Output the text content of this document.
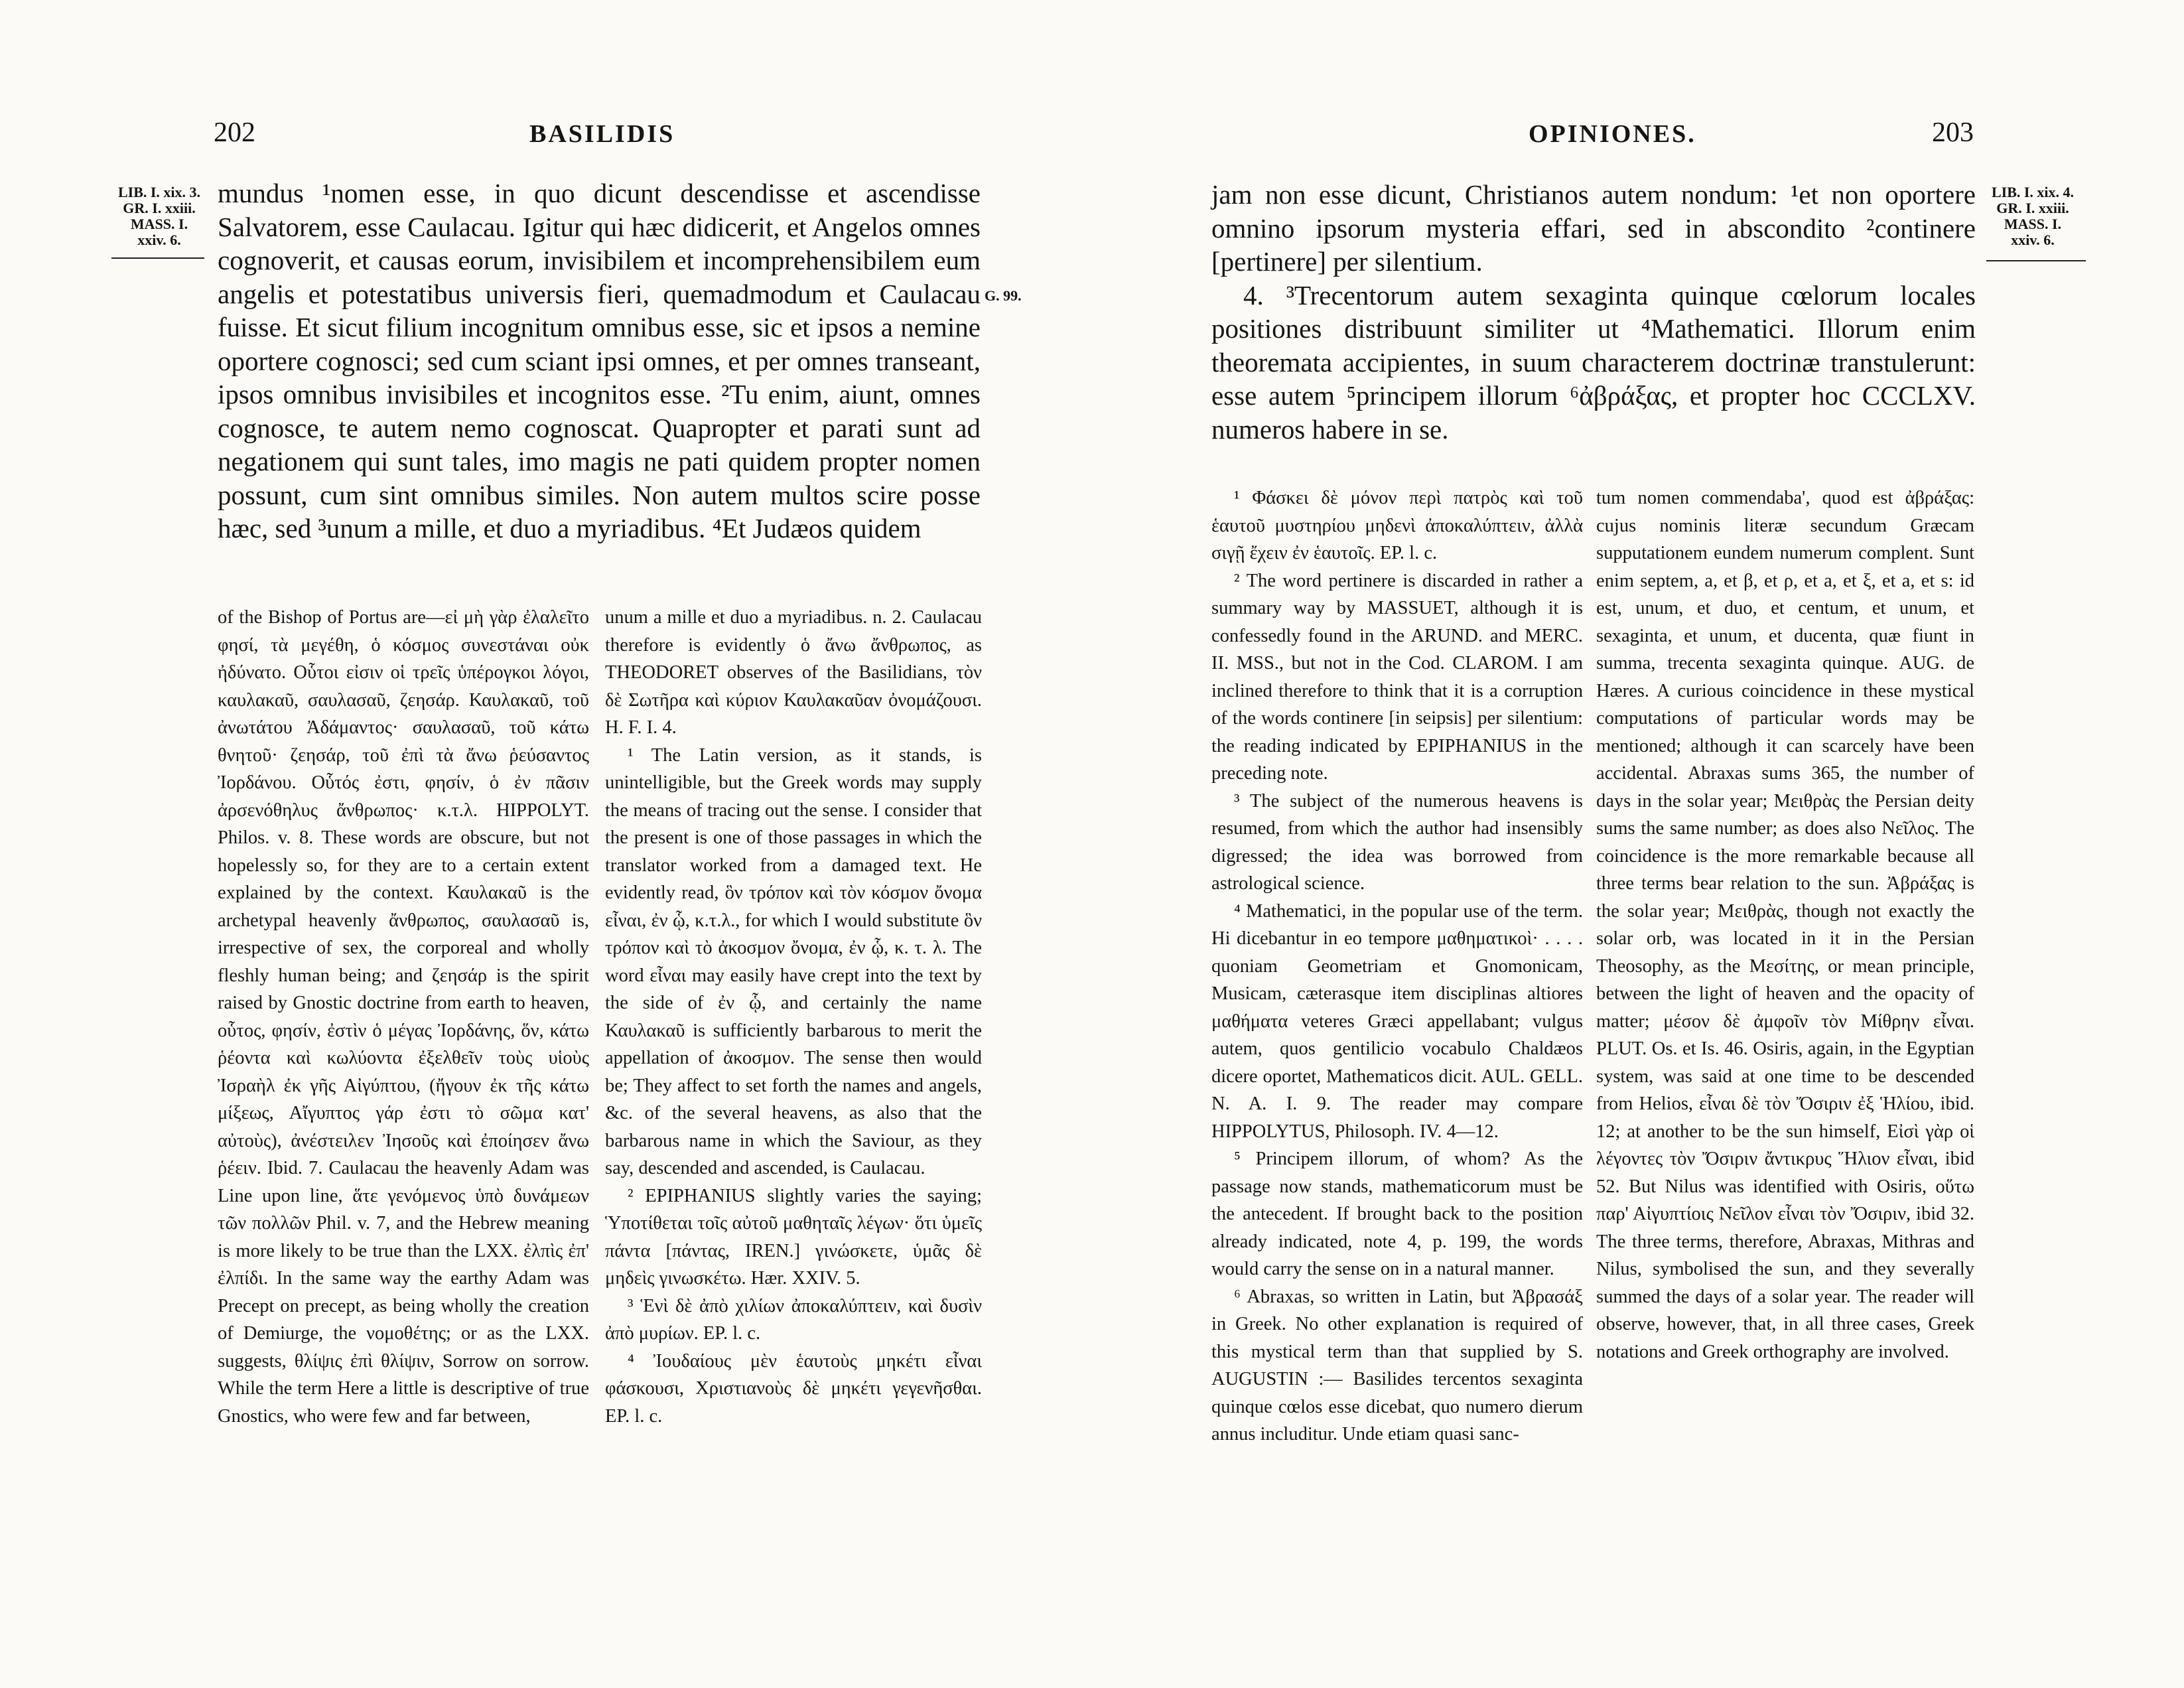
202	BASILIDIS
LIB. I. xix. 3.
GR. I. xxiii.
MASS. I.
xxiv. 6.

mundus ¹nomen esse, in quo dicunt descendisse et ascendisse Salvatorem, esse Caulacau. Igitur qui hæc didicerit, et Angelos omnes cognoverit, et causas eorum, invisibilem et incomprehensibilem eum angelis et potestatibus universis fieri, quemadmodum et Caulacau fuisse. Et sicut filium incognitum omnibus esse, sic et ipsos a nemine oportere cognosci; sed cum sciant ipsi omnes, et per omnes transeant, ipsos omnibus invisibiles et incognitos esse. ²Tu enim, aiunt, omnes cognosce, te autem nemo cognoscat. Quapropter et parati sunt ad negationem qui sunt tales, imo magis ne pati quidem propter nomen possunt, cum sint omnibus similes. Non autem multos scire posse hæc, sed ³unum a mille, et duo a myriadibus. ⁴Et Judæos quidem

G. 99.

of the Bishop of Portus are—εἰ μὴ γὰρ ἐλαλεῖτο φησί, τὰ μεγέθη, ὁ κόσμος συνεστάναι οὐκ ἠδύνατο. Οὗτοι εἰσιν οἱ τρεῖς ὑπέρογκοι λόγοι, καυλακαῦ, σαυλασαῦ, ζεησάρ. Καυλακαῦ, τοῦ ἀνωτάτου Ἀδάμαντος· σαυλασαῦ, τοῦ κάτω θνητοῦ· ζεησάρ, τοῦ ἐπὶ τὰ ἄνω ῥεύσαντος Ἰορδάνου. Οὗτός ἐστι, φησίν, ὁ ἐν πᾶσιν ἀρσενόθηλυς ἄνθρωπος· κ.τ.λ. HIPPOLYT. Philos. v. 8. These words are obscure, but not hopelessly so, for they are to a certain extent explained by the context. Καυλακαῦ is the archetypal heavenly ἄνθρωπος, σαυλασαῦ is, irrespective of sex, the corporeal and wholly fleshly human being; and ζεησάρ is the spirit raised by Gnostic doctrine from earth to heaven, οὗτος, φησίν, ἐστὶν ὁ μέγας Ἰορδάνης, ὅν, κάτω ῥέοντα καὶ κωλύοντα ἐξελθεῖν τοὺς υἱοὺς Ἰσραὴλ ἐκ γῆς Αἰγύπτου, (ἤγουν ἐκ τῆς κάτω μίξεως, Αἴγυπτος γάρ ἐστι τὸ σῶμα κατ' αὐτοὺς), ἀνέστειλεν Ἰησοῦς καὶ ἐποίησεν ἄνω ῥέειν. Ibid. 7. Caulacau the heavenly Adam was Line upon line, ἅτε γενόμενος ὑπὸ δυνάμεων τῶν πολλῶν Phil. v. 7, and the Hebrew meaning is more likely to be true than the LXX. ἐλπὶς ἐπ' ἐλπίδι. In the same way the earthy Adam was Precept on precept, as being wholly the creation of Demiurge, the νομοθέτης; or as the LXX. suggests, θλίψις ἐπὶ θλίψιν, Sorrow on sorrow. While the term Here a little is descriptive of true Gnostics, who were few and far between,

unum a mille et duo a myriadibus. n. 2. Caulacau therefore is evidently ὁ ἄνω ἄνθρωπος, as THEODORET observes of the Basilidians, τὸν δὲ Σωτῆρα καὶ κύριον Καυλακαῦαν ὀνομάζουσι. H. F. I. 4.

¹ The Latin version, as it stands, is unintelligible, but the Greek words may supply the means of tracing out the sense. I consider that the present is one of those passages in which the translator worked from a damaged text. He evidently read, ὃν τρόπον καὶ τὸν κόσμον ὄνομα εἶναι, ἐν ᾧ, κ.τ.λ., for which I would substitute ὃν τρόπον καὶ τὸ ἀκοσμον ὄνομα, ἐν ᾧ, κ. τ. λ. The word εἶναι may easily have crept into the text by the side of ἐν ᾧ, and certainly the name Καυλακαῦ is sufficiently barbarous to merit the appellation of ἀκοσμον. The sense then would be; They affect to set forth the names and angels, &c. of the several heavens, as also that the barbarous name in which the Saviour, as they say, descended and ascended, is Caulacau.

² EPIPHANIUS slightly varies the saying; Ὑποτίθεται τοῖς αὐτοῦ μαθηταῖς λέγων· ὅτι ὑμεῖς πάντα [πάντας, IREN.] γινώσκετε, ὑμᾶς δὲ μηδεὶς γινωσκέτω. Hær. XXIV. 5.

³ Ἑνὶ δὲ ἀπὸ χιλίων ἀποκαλύπτειν, καὶ δυσὶν ἀπὸ μυρίων. EP. l. c.

⁴ Ἰουδαίους μὲν ἑαυτοὺς μηκέτι εἶναι φάσκουσι, Χριστιανοὺς δὲ μηκέτι γεγενῆσθαι. EP. l. c.

OPINIONES.	203
LIB. I. xix. 4.
GR. I. xxiii.
MASS. I.
xxiv. 6.

jam non esse dicunt, Christianos autem nondum: ¹et non oportere omnino ipsorum mysteria effari, sed in abscondito ²continere [pertinere] per silentium.

4. ³Trecentorum autem sexaginta quinque cœlorum locales positiones distribuunt similiter ut ⁴Mathematici. Illorum enim theoremata accipientes, in suum characterem doctrinæ transtulerunt: esse autem ⁵principem illorum ⁶ἀβράξας, et propter hoc CCCLXV. numeros habere in se.

¹ Φάσκει δὲ μόνον περὶ πατρὸς καὶ τοῦ ἑαυτοῦ μυστηρίου μηδενὶ ἀποκαλύπτειν, ἀλλὰ σιγῇ ἔχειν ἐν ἑαυτοῖς. EP. l. c.

² The word pertinere is discarded in rather a summary way by MASSUET, although it is confessedly found in the ARUND. and MERC. II. MSS., but not in the Cod. CLAROM. I am inclined therefore to think that it is a corruption of the words continere [in seipsis] per silentium: the reading indicated by EPIPHANIUS in the preceding note.

³ The subject of the numerous heavens is resumed, from which the author had insensibly digressed; the idea was borrowed from astrological science.

⁴ Mathematici, in the popular use of the term. Hi dicebantur in eo tempore μαθηματικοὶ· . . . . quoniam Geometriam et Gnomonicam, Musicam, cæterasque item disciplinas altiores μαθήματα veteres Græci appellabant; vulgus autem, quos gentilicio vocabulo Chaldæos dicere oportet, Mathematicos dicit. AUL. GELL. N. A. I. 9. The reader may compare HIPPOLYTUS, Philosoph. IV. 4—12.

⁵ Principem illorum, of whom? As the passage now stands, mathematicorum must be the antecedent. If brought back to the position already indicated, note 4, p. 199, the words would carry the sense on in a natural manner.

⁶ Abraxas, so written in Latin, but Ἀβρασάξ in Greek. No other explanation is required of this mystical term than that supplied by S. AUGUSTIN :— Basilides tercentos sexaginta quinque cœlos esse dicebat, quo numero dierum annus includitur. Unde etiam quasi sanc-

tum nomen commendaba', quod est ἀβράξας: cujus nominis literæ secundum Græcam supputationem eundem numerum complent. Sunt enim septem, a, et β, et ρ, et a, et ξ, et a, et s: id est, unum, et duo, et centum, et unum, et sexaginta, et unum, et ducenta, quæ fiunt in summa, trecenta sexaginta quinque. AUG. de Hæres. A curious coincidence in these mystical computations of particular words may be mentioned; although it can scarcely have been accidental. Abraxas sums 365, the number of days in the solar year; Μειθρὰς the Persian deity sums the same number; as does also Νεῖλος. The coincidence is the more remarkable because all three terms bear relation to the sun. Ἀβράξας is the solar year; Μειθρὰς, though not exactly the solar orb, was located in it in the Persian Theosophy, as the Μεσίτης, or mean principle, between the light of heaven and the opacity of matter; μέσον δὲ ἀμφοῖν τὸν Μίθρην εἶναι. PLUT. Os. et Is. 46. Osiris, again, in the Egyptian system, was said at one time to be descended from Helios, εἶναι δὲ τὸν Ὄσιριν ἐξ Ἡλίου, ibid. 12; at another to be the sun himself, Εἰσὶ γὰρ οἱ λέγοντες τὸν Ὄσιριν ἄντικρυς Ἥλιον εἶναι, ibid 52. But Nilus was identified with Osiris, οὕτω παρ' Αἰγυπτίοις Νεῖλον εἶναι τὸν Ὄσιριν, ibid 32. The three terms, therefore, Abraxas, Mithras and Nilus, symbolised the sun, and they severally summed the days of a solar year. The reader will observe, however, that, in all three cases, Greek notations and Greek orthography are involved.
